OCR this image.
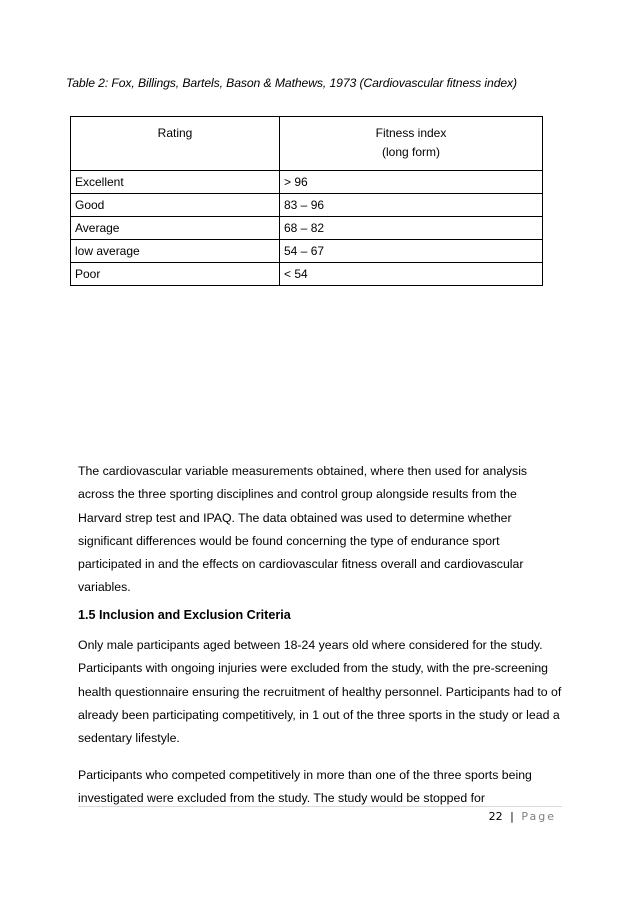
Table 2: Fox, Billings, Bartels, Bason & Mathews, 1973 (Cardiovascular fitness index)
Rating	Fitness index
(long form)

Excellent	> 96
Good	83 – 96
Average	68 – 82
low average	54 – 67
Poor	< 54

The cardiovascular variable measurements obtained, where then used for analysis across the three sporting disciplines and control group alongside results from the Harvard strep test and IPAQ. The data obtained was used to determine whether significant differences would be found concerning the type of endurance sport participated in and the effects on cardiovascular fitness overall and cardiovascular variables.

1.5 Inclusion and Exclusion Criteria

Only male participants aged between 18-24 years old where considered for the study. Participants with ongoing injuries were excluded from the study, with the pre-screening health questionnaire ensuring the recruitment of healthy personnel. Participants had to of already been participating competitively, in 1 out of the three sports in the study or lead a sedentary lifestyle.

Participants who competed competitively in more than one of the three sports being investigated were excluded from the study. The study would be stopped for

22 | Page
